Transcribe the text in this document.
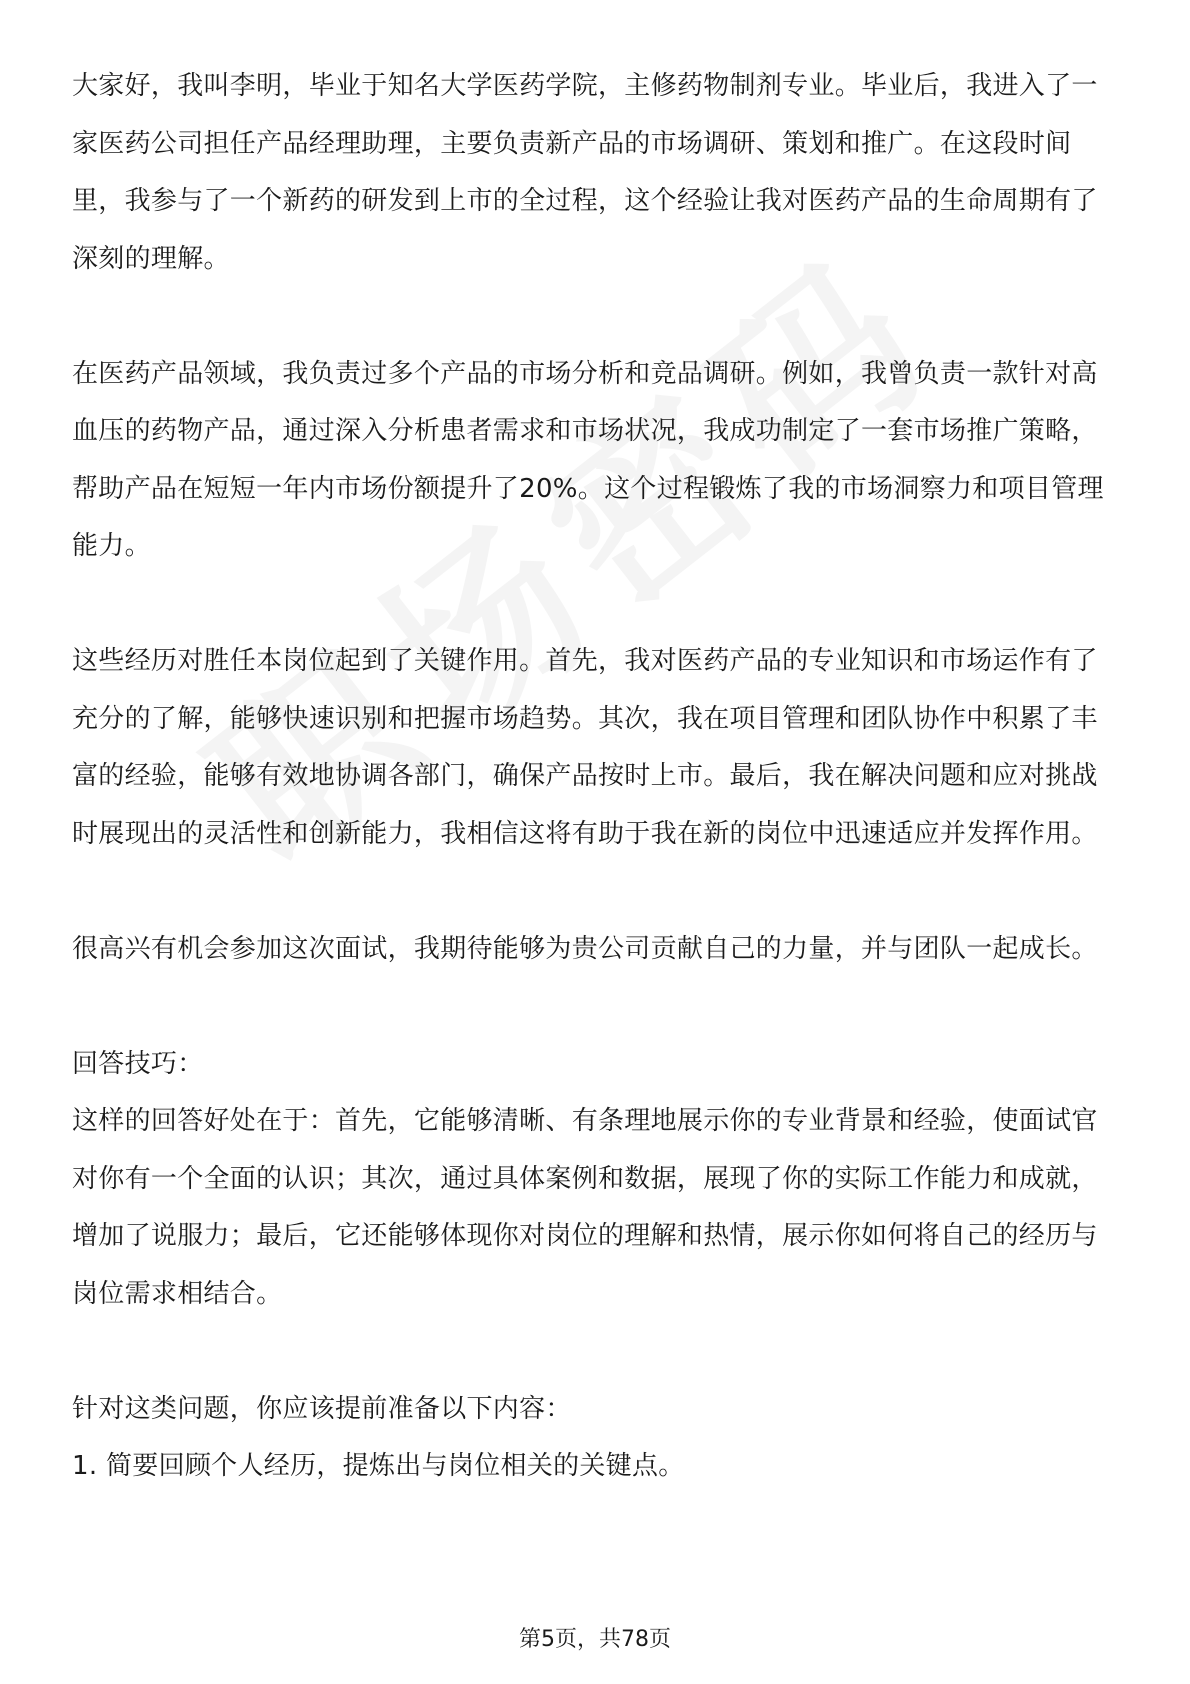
大家好，我叫李明，毕业于知名大学医药学院，主修药物制剂专业。毕业后，我进入了一家医药公司担任产品经理助理，主要负责新产品的市场调研、策划和推广。在这段时间里，我参与了一个新药的研发到上市的全过程，这个经验让我对医药产品的生命周期有了深刻的理解。

在医药产品领域，我负责过多个产品的市场分析和竞品调研。例如，我曾负责一款针对高血压的药物产品，通过深入分析患者需求和市场状况，我成功制定了一套市场推广策略，帮助产品在短短一年内市场份额提升了20%。这个过程锻炼了我的市场洞察力和项目管理能力。

这些经历对胜任本岗位起到了关键作用。首先，我对医药产品的专业知识和市场运作有了充分的了解，能够快速识别和把握市场趋势。其次，我在项目管理和团队协作中积累了丰富的经验，能够有效地协调各部门，确保产品按时上市。最后，我在解决问题和应对挑战时展现出的灵活性和创新能力，我相信这将有助于我在新的岗位中迅速适应并发挥作用。

很高兴有机会参加这次面试，我期待能够为贵公司贡献自己的力量，并与团队一起成长。

回答技巧：

这样的回答好处在于：首先，它能够清晰、有条理地展示你的专业背景和经验，使面试官对你有一个全面的认识；其次，通过具体案例和数据，展现了你的实际工作能力和成就，增加了说服力；最后，它还能够体现你对岗位的理解和热情，展示你如何将自己的经历与岗位需求相结合。

针对这类问题，你应该提前准备以下内容：

1. 简要回顾个人经历，提炼出与岗位相关的关键点。

第5页，共78页
